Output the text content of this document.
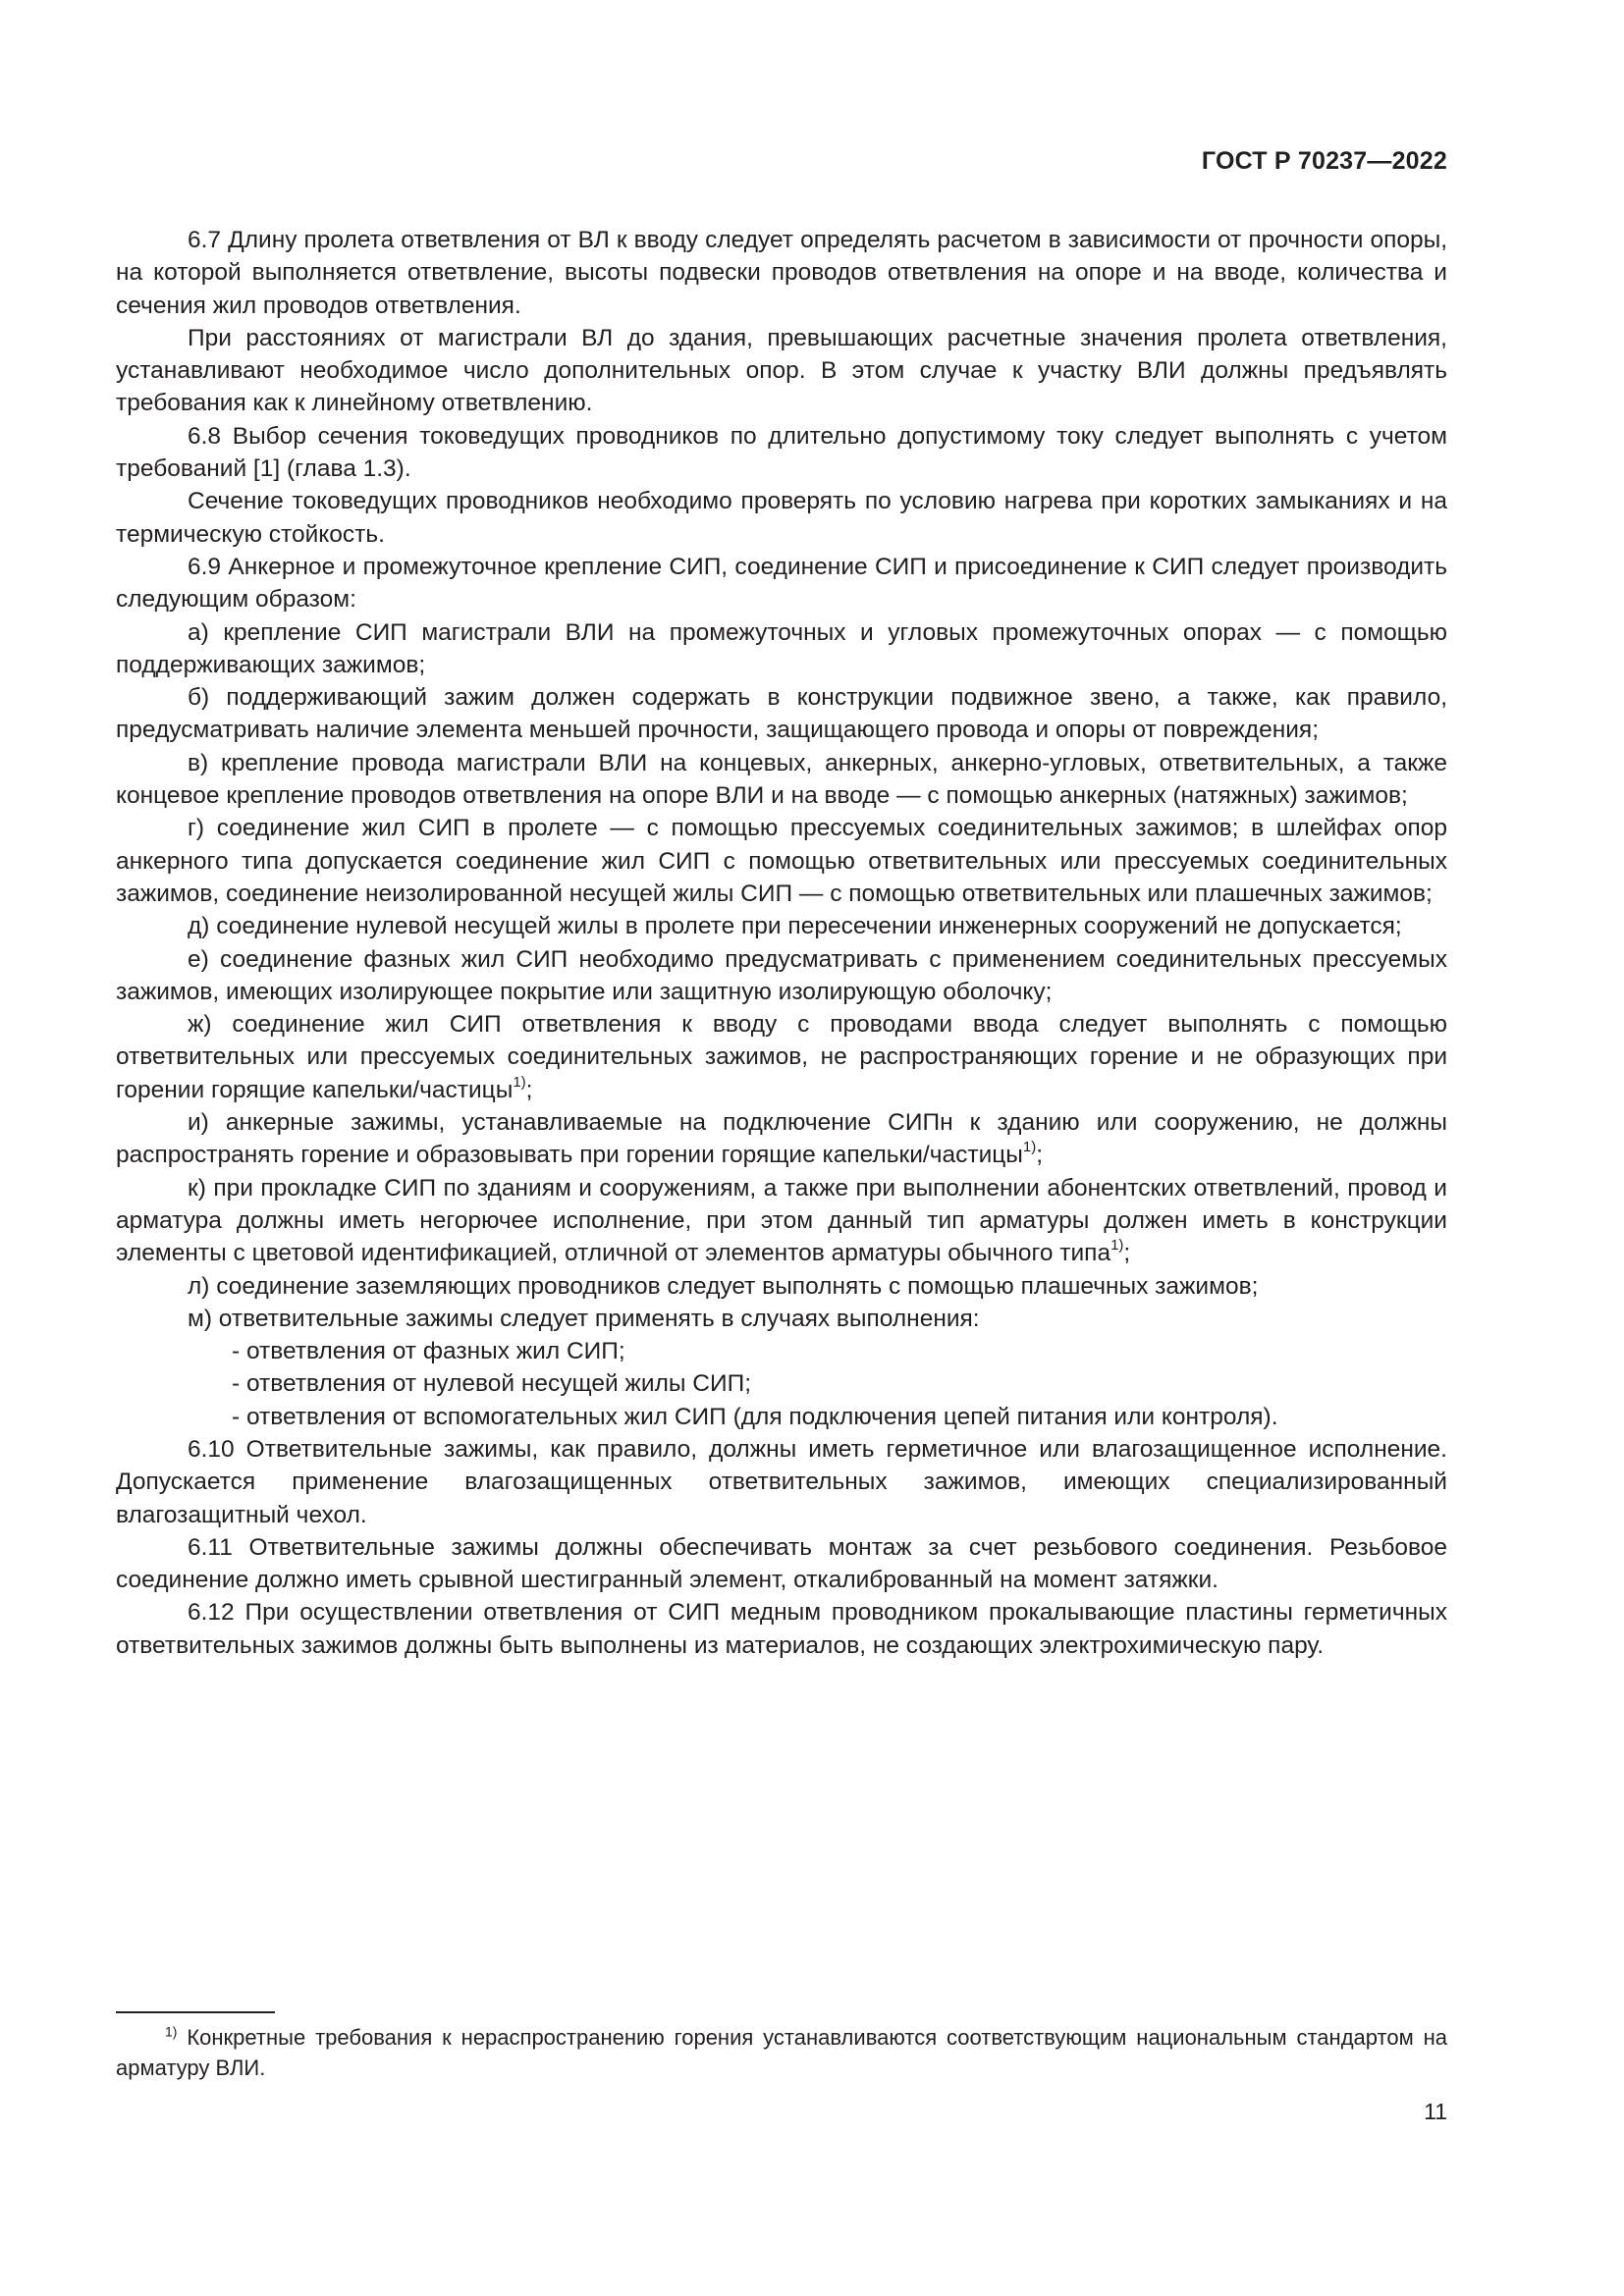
ГОСТ Р 70237—2022

6.7 Длину пролета ответвления от ВЛ к вводу следует определять расчетом в зависимости от прочности опоры, на которой выполняется ответвление, высоты подвески проводов ответвления на опоре и на вводе, количества и сечения жил проводов ответвления.

При расстояниях от магистрали ВЛ до здания, превышающих расчетные значения пролета ответвления, устанавливают необходимое число дополнительных опор. В этом случае к участку ВЛИ должны предъявлять требования как к линейному ответвлению.

6.8 Выбор сечения токоведущих проводников по длительно допустимому току следует выполнять с учетом требований [1] (глава 1.3).

Сечение токоведущих проводников необходимо проверять по условию нагрева при коротких замыканиях и на термическую стойкость.

6.9 Анкерное и промежуточное крепление СИП, соединение СИП и присоединение к СИП следует производить следующим образом:

а) крепление СИП магистрали ВЛИ на промежуточных и угловых промежуточных опорах — с помощью поддерживающих зажимов;

б) поддерживающий зажим должен содержать в конструкции подвижное звено, а также, как правило, предусматривать наличие элемента меньшей прочности, защищающего провода и опоры от повреждения;

в) крепление провода магистрали ВЛИ на концевых, анкерных, анкерно-угловых, ответвительных, а также концевое крепление проводов ответвления на опоре ВЛИ и на вводе — с помощью анкерных (натяжных) зажимов;

г) соединение жил СИП в пролете — с помощью прессуемых соединительных зажимов; в шлейфах опор анкерного типа допускается соединение жил СИП с помощью ответвительных или прессуемых соединительных зажимов, соединение неизолированной несущей жилы СИП — с помощью ответвительных или плашечных зажимов;

д) соединение нулевой несущей жилы в пролете при пересечении инженерных сооружений не допускается;

е) соединение фазных жил СИП необходимо предусматривать с применением соединительных прессуемых зажимов, имеющих изолирующее покрытие или защитную изолирующую оболочку;

ж) соединение жил СИП ответвления к вводу с проводами ввода следует выполнять с помощью ответвительных или прессуемых соединительных зажимов, не распространяющих горение и не образующих при горении горящие капельки/частицы$^{1)}$;

и) анкерные зажимы, устанавливаемые на подключение СИПн к зданию или сооружению, не должны распространять горение и образовывать при горении горящие капельки/частицы$^{1)}$;

к) при прокладке СИП по зданиям и сооружениям, а также при выполнении абонентских ответвлений, провод и арматура должны иметь негорючее исполнение, при этом данный тип арматуры должен иметь в конструкции элементы с цветовой идентификацией, отличной от элементов арматуры обычного типа$^{1)}$;

л) соединение заземляющих проводников следует выполнять с помощью плашечных зажимов;

м) ответвительные зажимы следует применять в случаях выполнения:

- ответвления от фазных жил СИП;

- ответвления от нулевой несущей жилы СИП;

- ответвления от вспомогательных жил СИП (для подключения цепей питания или контроля).

6.10 Ответвительные зажимы, как правило, должны иметь герметичное или влагозащищенное исполнение. Допускается применение влагозащищенных ответвительных зажимов, имеющих специализированный влагозащитный чехол.

6.11 Ответвительные зажимы должны обеспечивать монтаж за счет резьбового соединения. Резьбовое соединение должно иметь срывной шестигранный элемент, откалиброванный на момент затяжки.

6.12 При осуществлении ответвления от СИП медным проводником прокалывающие пластины герметичных ответвительных зажимов должны быть выполнены из материалов, не создающих электрохимическую пару.

$^{1)}$ Конкретные требования к нераспространению горения устанавливаются соответствующим национальным стандартом на арматуру ВЛИ.

11
